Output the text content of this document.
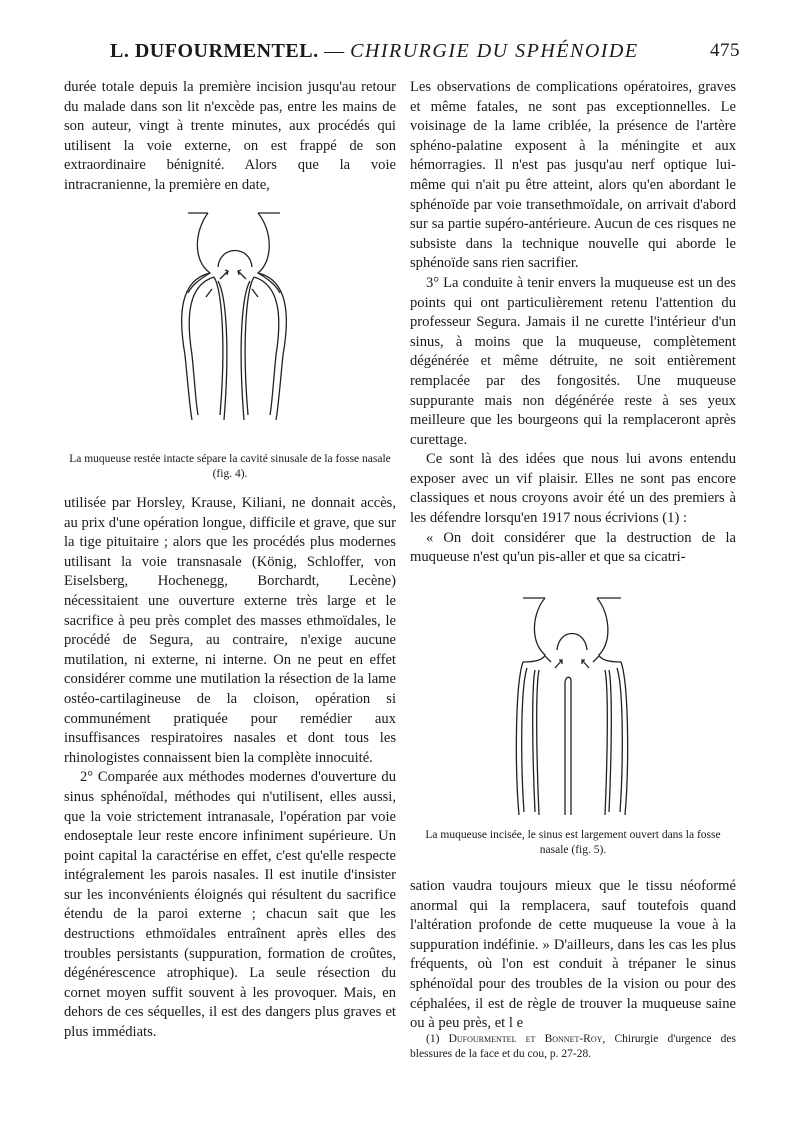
L. DUFOURMENTEL. — CHIRURGIE DU SPHÉNOIDE	475

durée totale depuis la première incision jusqu'au retour du malade dans son lit n'excède pas, entre les mains de son auteur, vingt à trente minutes, aux procédés qui utilisent la voie externe, on est frappé de son extraordinaire bénignité. Alors que la voie intracranienne, la première en date,

La muqueuse restée intacte sépare la cavité sinusale de la fosse nasale (fig. 4).

utilisée par Horsley, Krause, Kiliani, ne donnait accès, au prix d'une opération longue, difficile et grave, que sur la tige pituitaire ; alors que les procédés plus modernes utilisant la voie transnasale (König, Schloffer, von Eiselsberg, Hochenegg, Borchardt, Lecène) nécessitaient une ouverture externe très large et le sacrifice à peu près complet des masses ethmoïdales, le procédé de Segura, au contraire, n'exige aucune mutilation, ni externe, ni interne. On ne peut en effet considérer comme une mutilation la résection de la lame ostéo-cartilagineuse de la cloison, opération si communément pratiquée pour remédier aux insuffisances respiratoires nasales et dont tous les rhinologistes connaissent bien la complète innocuité.

2° Comparée aux méthodes modernes d'ouverture du sinus sphénoïdal, méthodes qui n'utilisent, elles aussi, que la voie strictement intranasale, l'opération par voie endoseptale leur reste encore infiniment supérieure. Un point capital la caractérise en effet, c'est qu'elle respecte intégralement les parois nasales. Il est inutile d'insister sur les inconvénients éloignés qui résultent du sacrifice étendu de la paroi externe ; chacun sait que les destructions ethmoïdales entraînent après elles des troubles persistants (suppuration, formation de croûtes, dégénérescence atrophique). La seule résection du cornet moyen suffit souvent à les provoquer. Mais, en dehors de ces séquelles, il est des dangers plus graves et plus immédiats.

Les observations de complications opératoires, graves et même fatales, ne sont pas exceptionnelles. Le voisinage de la lame criblée, la présence de l'artère sphéno-palatine exposent à la méningite et aux hémorragies. Il n'est pas jusqu'au nerf optique lui-même qui n'ait pu être atteint, alors qu'en abordant le sphénoïde par voie transethmoïdale, on arrivait d'abord sur sa partie supéro-antérieure. Aucun de ces risques ne subsiste dans la technique nouvelle qui aborde le sphénoïde sans rien sacrifier.

3° La conduite à tenir envers la muqueuse est un des points qui ont particulièrement retenu l'attention du professeur Segura. Jamais il ne curette l'intérieur d'un sinus, à moins que la muqueuse, complètement dégénérée et même détruite, ne soit entièrement remplacée par des fongosités. Une muqueuse suppurante mais non dégénérée reste à ses yeux meilleure que les bourgeons qui la remplaceront après curettage.

Ce sont là des idées que nous lui avons entendu exposer avec un vif plaisir. Elles ne sont pas encore classiques et nous croyons avoir été un des premiers à les défendre lorsqu'en 1917 nous écrivions (1) :

« On doit considérer que la destruction de la muqueuse n'est qu'un pis-aller et que sa cicatri-

La muqueuse incisée, le sinus est largement ouvert dans la fosse nasale (fig. 5).

sation vaudra toujours mieux que le tissu néoformé anormal qui la remplacera, sauf toutefois quand l'altération profonde de cette muqueuse la voue à la suppuration indéfinie. » D'ailleurs, dans les cas les plus fréquents, où l'on est conduit à trépaner le sinus sphénoïdal pour des troubles de la vision ou pour des céphalées, il est de règle de trouver la muqueuse saine ou à peu près, et l e

(1) Dufourmentel et Bonnet-Roy, Chirurgie d'urgence des blessures de la face et du cou, p. 27-28.
